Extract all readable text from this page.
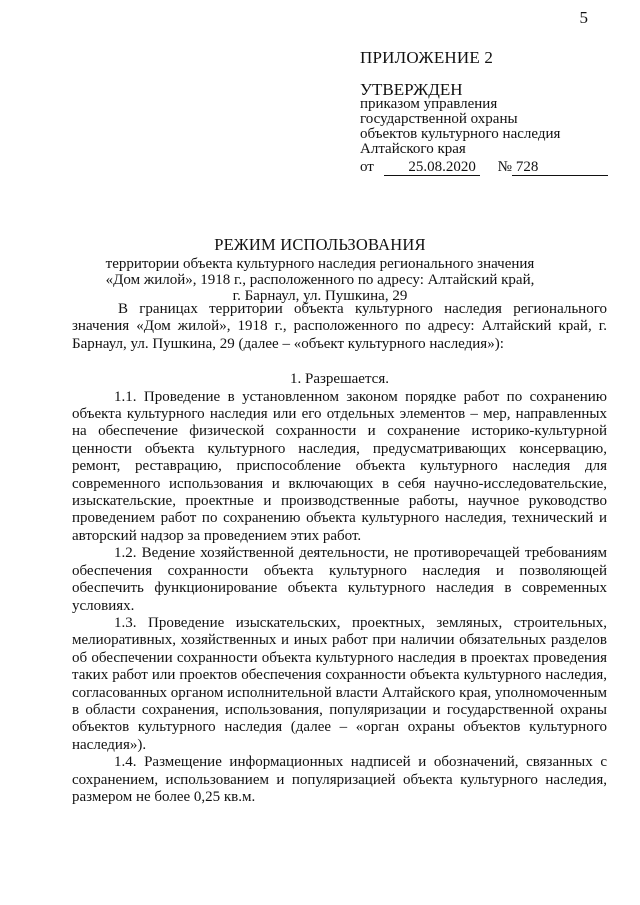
5
ПРИЛОЖЕНИЕ 2
УТВЕРЖДЕН
приказом управления
государственной охраны
объектов культурного наследия
Алтайского края
от 25.08.2020 № 728
РЕЖИМ ИСПОЛЬЗОВАНИЯ
территории объекта культурного наследия регионального значения
«Дом жилой», 1918 г., расположенного по адресу: Алтайский край,
г. Барнаул, ул. Пушкина, 29

В границах территории объекта культурного наследия регионального значения «Дом жилой», 1918 г., расположенного по адресу: Алтайский край, г. Барнаул, ул. Пушкина, 29 (далее – «объект культурного наследия»):

1. Разрешается.

1.1. Проведение в установленном законом порядке работ по сохранению объекта культурного наследия или его отдельных элементов – мер, направленных на обеспечение физической сохранности и сохранение историко-культурной ценности объекта культурного наследия, предусматривающих консервацию, ремонт, реставрацию, приспособление объекта культурного наследия для современного использования и включающих в себя научно-исследовательские, изыскательские, проектные и производственные работы, научное руководство проведением работ по сохранению объекта культурного наследия, технический и авторский надзор за проведением этих работ.

1.2. Ведение хозяйственной деятельности, не противоречащей требованиям обеспечения сохранности объекта культурного наследия и позволяющей обеспечить функционирование объекта культурного наследия в современных условиях.

1.3. Проведение изыскательских, проектных, земляных, строительных, мелиоративных, хозяйственных и иных работ при наличии обязательных разделов об обеспечении сохранности объекта культурного наследия в проектах проведения таких работ или проектов обеспечения сохранности объекта культурного наследия, согласованных органом исполнительной власти Алтайского края, уполномоченным в области сохранения, использования, популяризации и государственной охраны объектов культурного наследия (далее – «орган охраны объектов культурного наследия»).

1.4. Размещение информационных надписей и обозначений, связанных с сохранением, использованием и популяризацией объекта культурного наследия, размером не более 0,25 кв.м.
